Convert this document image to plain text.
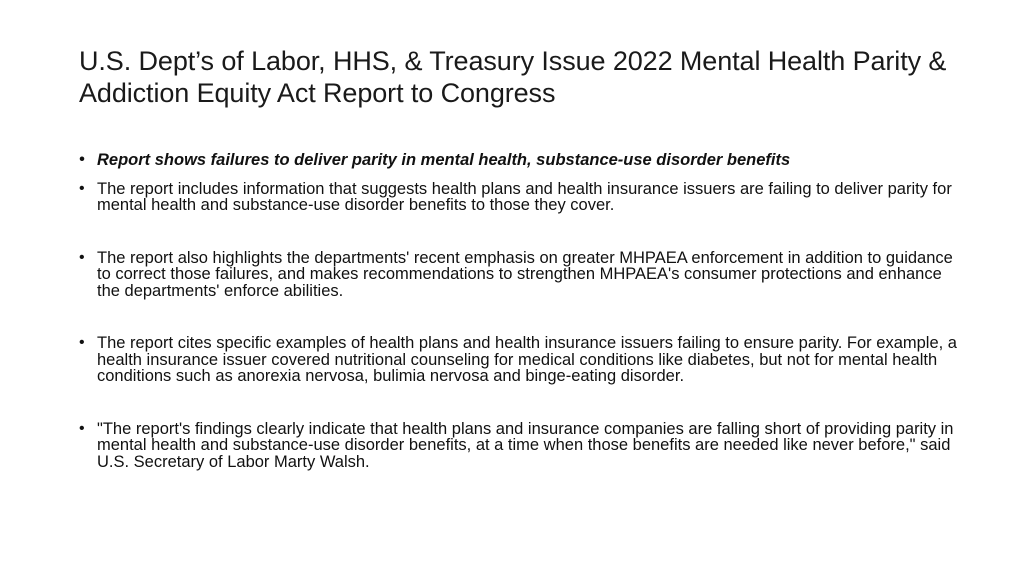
U.S. Dept’s of Labor, HHS, & Treasury Issue 2022 Mental Health Parity & Addiction Equity Act Report to Congress
• Report shows failures to deliver parity in mental health, substance-use disorder benefits
• The report includes information that suggests health plans and health insurance issuers are failing to deliver parity for mental health and substance-use disorder benefits to those they cover.
• The report also highlights the departments' recent emphasis on greater MHPAEA enforcement in addition to guidance to correct those failures, and makes recommendations to strengthen MHPAEA's consumer protections and enhance the departments' enforce abilities.
• The report cites specific examples of health plans and health insurance issuers failing to ensure parity. For example, a health insurance issuer covered nutritional counseling for medical conditions like diabetes, but not for mental health conditions such as anorexia nervosa, bulimia nervosa and binge-eating disorder.
• "The report's findings clearly indicate that health plans and insurance companies are falling short of providing parity in mental health and substance-use disorder benefits, at a time when those benefits are needed like never before," said U.S. Secretary of Labor Marty Walsh.
